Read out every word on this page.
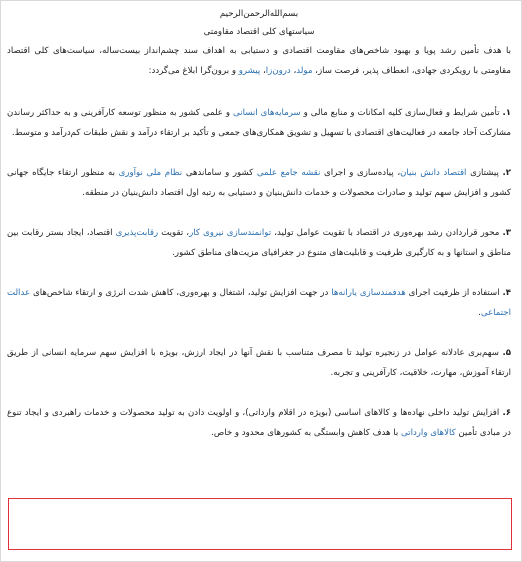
بسم‌الله‌الرحمن‌الرحیم
سیاستهای کلی اقتصاد مقاومتی

با هدف تأمین رشد پویا و بهبود شاخص‌های مقاومت اقتصادی و دستیابی به اهداف سند چشم‌انداز بیست‌ساله، سیاست‌های کلی اقتصاد مقاومتی با رویکردی جهادی، انعطاف پذیر، فرصت ساز، مولد، درون‌زا، پیشرو و برون‌گرا ابلاغ می‌گردد:

۱. تأمین شرایط و فعال‌سازی کلیه امکانات و منابع مالی و سرمایه‌های انسانی و علمی کشور به منظور توسعه کارآفرینی و به حداکثر رساندن مشارکت آحاد جامعه در فعالیت‌های اقتصادی با تسهیل و تشویق همکاری‌های جمعی و تأکید بر ارتقاء درآمد و نقش طبقات کم‌درآمد و متوسط.

۲. پیشتازی اقتصاد دانش بنیان، پیاده‌سازی و اجرای نقشه جامع علمی کشور و ساماندهی نظام ملی نوآوری به منظور ارتقاء جایگاه جهانی کشور و افزایش سهم تولید و صادرات محصولات و خدمات دانش‌بنیان و دستیابی به رتبه اول اقتصاد دانش‌بنیان در منطقه.

۳. محور قراردادن رشد بهره‌وری در اقتصاد با تقویت عوامل تولید، توانمندسازی نیروی کار، تقویت رقابت‌پذیری اقتصاد، ایجاد بستر رقابت بین مناطق و استانها و به کارگیری ظرفیت و قابلیت‌های متنوع در جغرافیای مزیت‌های مناطق کشور.

۴. استفاده از ظرفیت اجرای هدفمندسازی یارانه‌ها در جهت افزایش تولید، اشتغال و بهره‌وری، کاهش شدت انرژی و ارتقاء شاخص‌های عدالت اجتماعی.

۵. سهم‌بری عادلانه عوامل در زنجیره تولید تا مصرف متناسب با نقش آنها در ایجاد ارزش، بویژه با افزایش سهم سرمایه انسانی از طریق ارتقاء آموزش، مهارت، خلاقیت، کارآفرینی و تجربه.

۶. افزایش تولید داخلی نهاده‌ها و کالاهای اساسی (بویژه در اقلام وارداتی)، و اولویت دادن به تولید محصولات و خدمات راهبردی و ایجاد تنوع در مبادی تأمین کالاهای وارداتی با هدف کاهش وابستگی به کشورهای محدود و خاص.
